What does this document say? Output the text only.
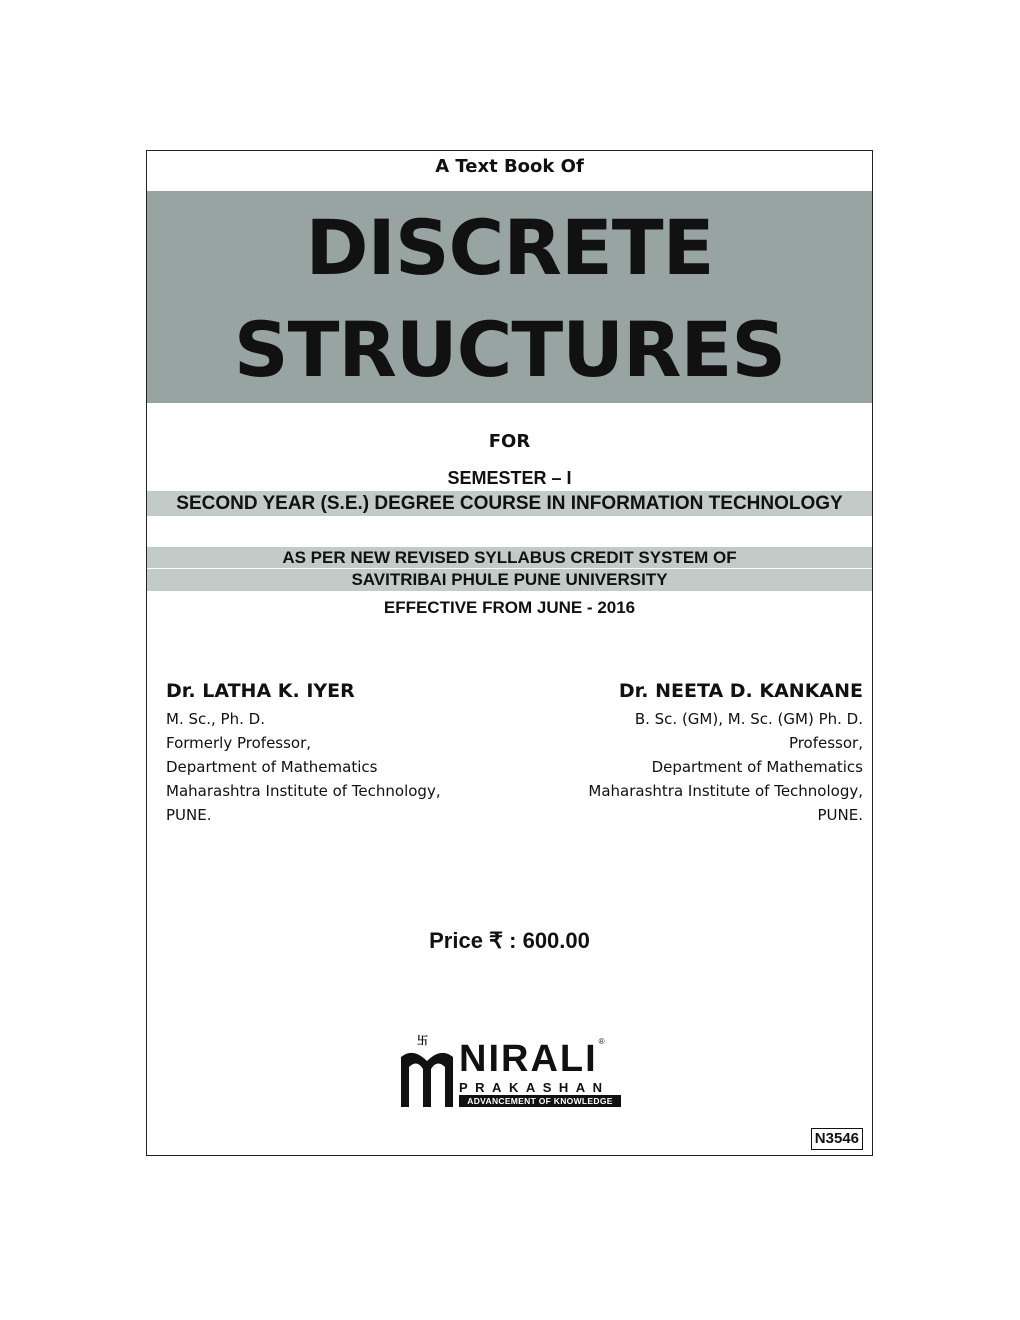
A Text Book Of
DISCRETE
STRUCTURES
FOR
SEMESTER – I
SECOND YEAR (S.E.) DEGREE COURSE IN INFORMATION TECHNOLOGY
AS PER NEW REVISED SYLLABUS CREDIT SYSTEM OF
SAVITRIBAI PHULE PUNE UNIVERSITY
EFFECTIVE FROM JUNE - 2016
Dr. LATHA K. IYER
M. Sc., Ph. D.
Formerly Professor,
Department of Mathematics
Maharashtra Institute of Technology,
PUNE.
Dr. NEETA D. KANKANE
B. Sc. (GM), M. Sc. (GM) Ph. D.
Professor,
Department of Mathematics
Maharashtra Institute of Technology,
PUNE.
Price ₹ : 600.00
卐 NIRALI®
PRAKASHAN
ADVANCEMENT OF KNOWLEDGE
N3546
